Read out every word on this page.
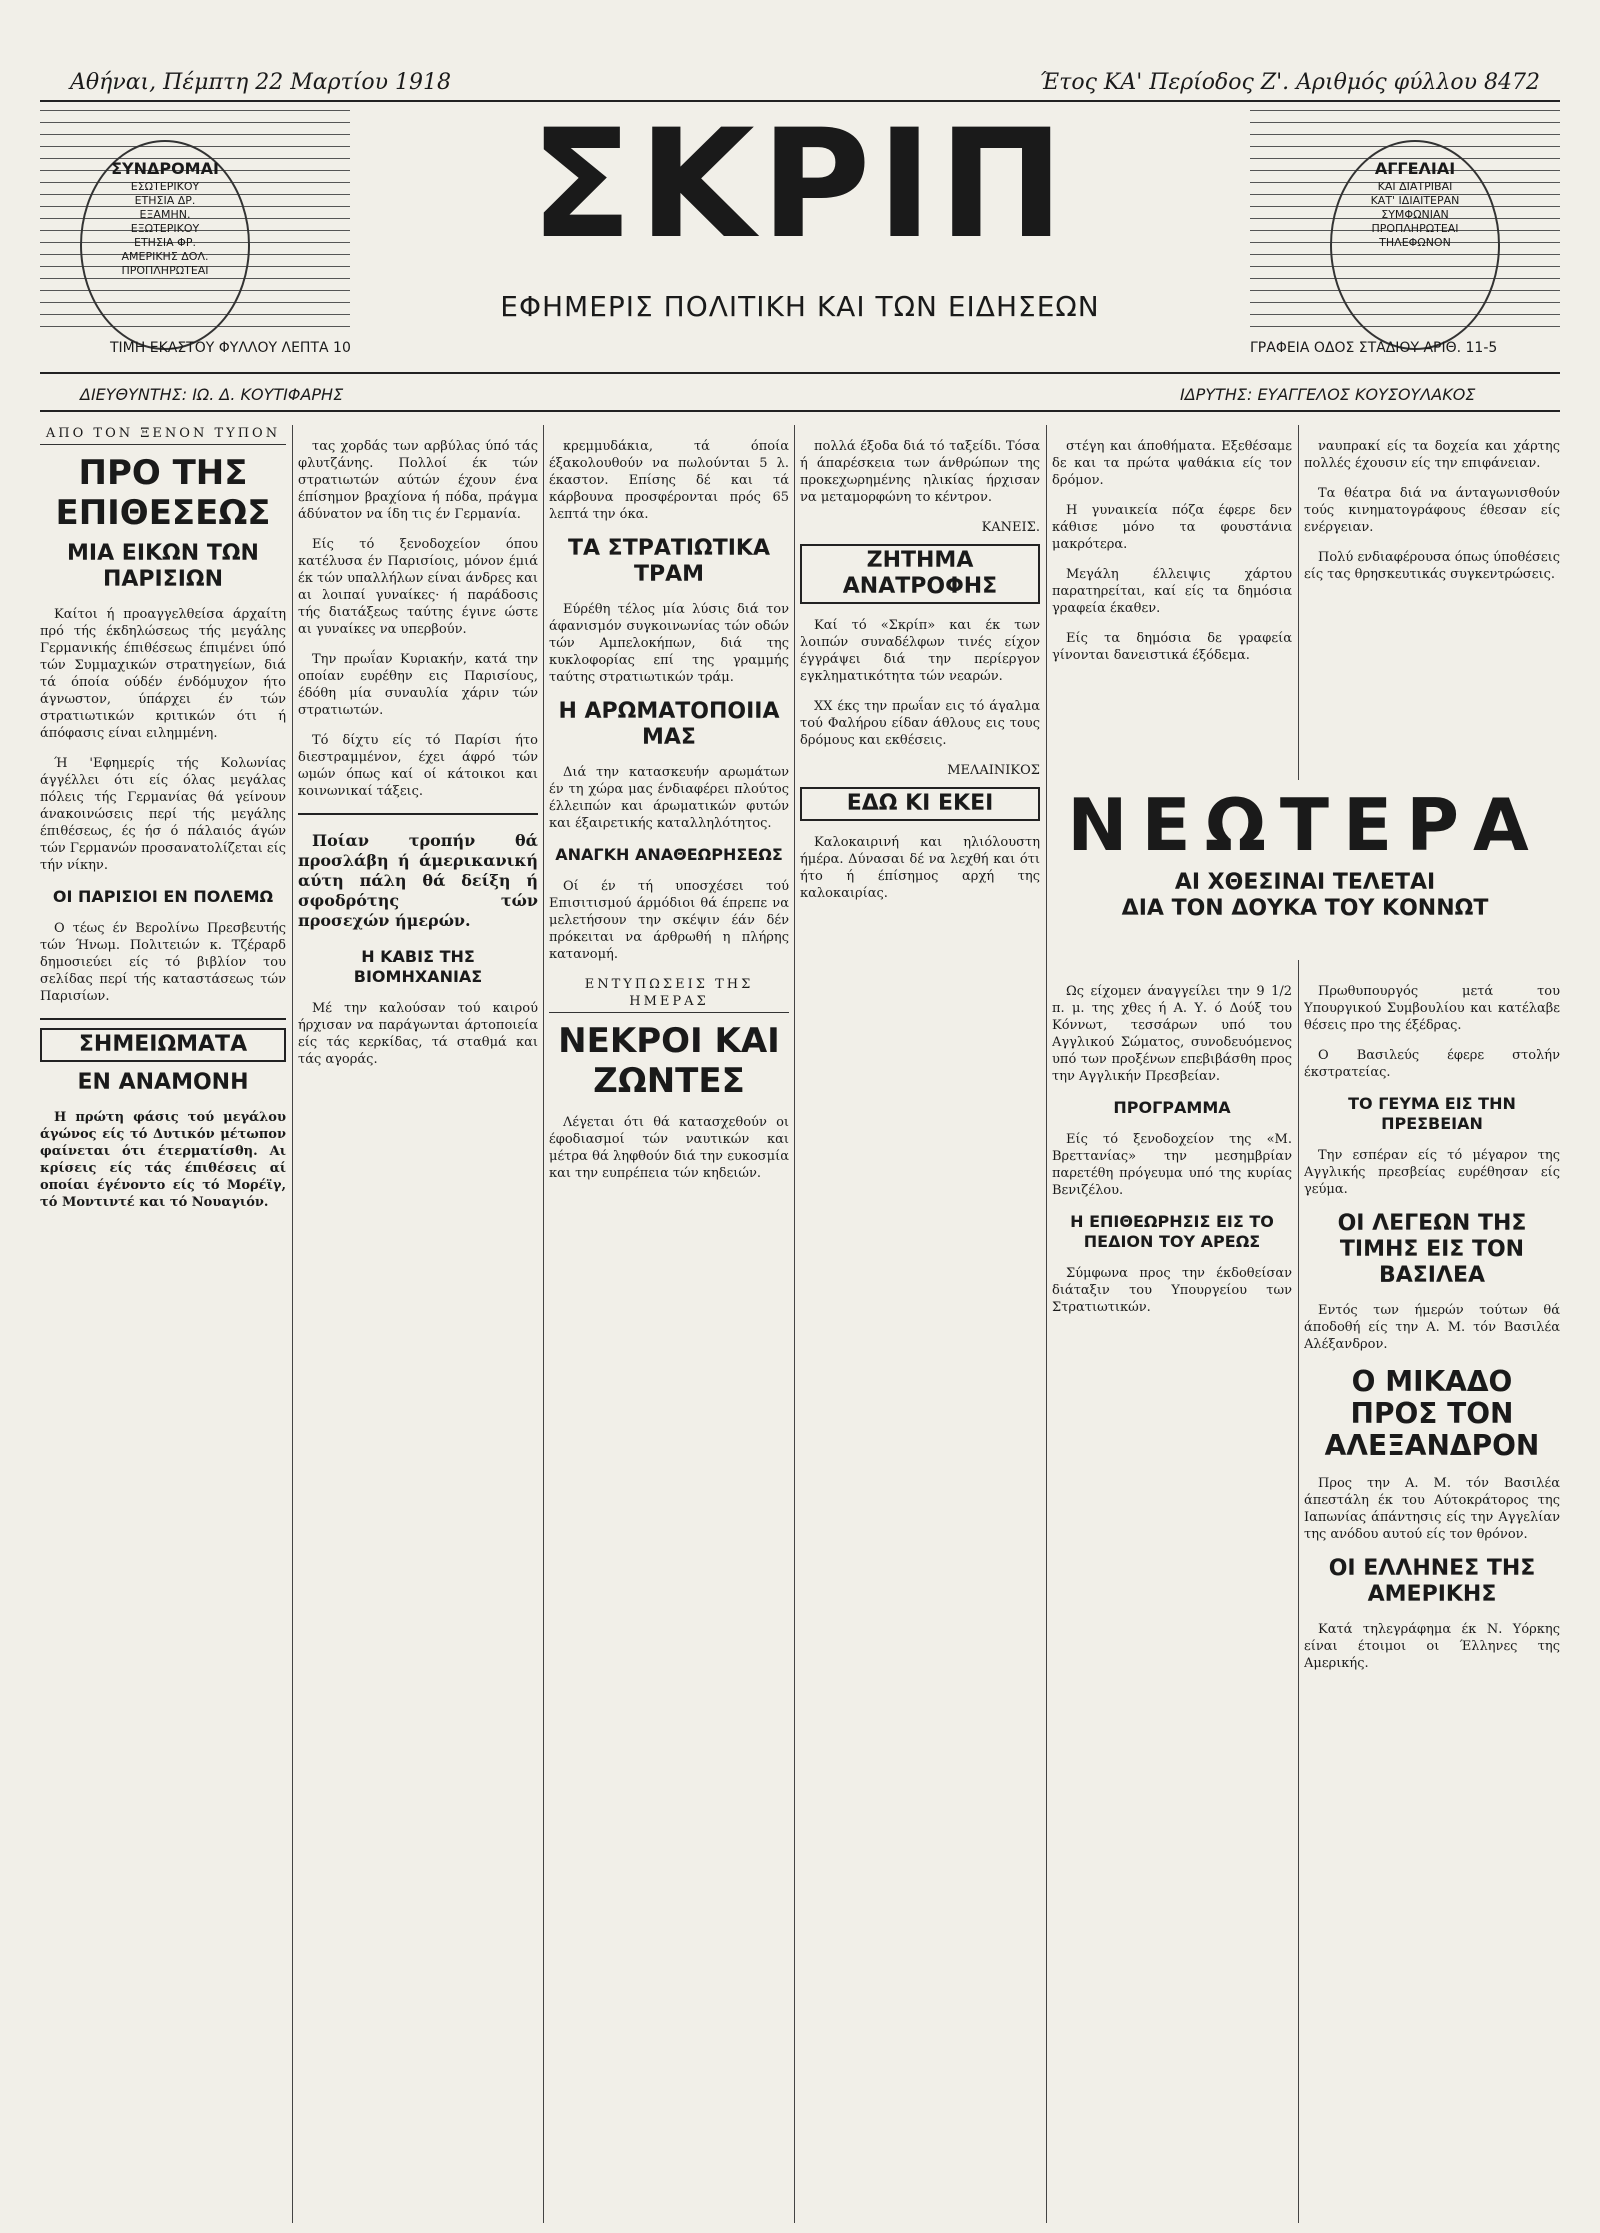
Αθήναι, Πέμπτη 22 Μαρτίου 1918	Έτος ΚΑ' Περίοδος Ζ'. Αριθμός φύλλου 8472
ΣΥΝΔΡΟΜΑΙ
ΕΣΩΤΕΡΙΚΟΥ
ΕΤΗΣΙΑ ΔΡ.
ΕΞΑΜΗΝ.
ΕΞΩΤΕΡΙΚΟΥ
ΕΤΗΣΙΑ ΦΡ.
ΑΜΕΡΙΚΗΣ ΔΟΛ.
ΠΡΟΠΛΗΡΩΤΕΑΙ
ΑΓΓΕΛΙΑΙ
ΚΑΙ ΔΙΑΤΡΙΒΑΙ
ΚΑΤ' ΙΔΙΑΙΤΕΡΑΝ
ΣΥΜΦΩΝΙΑΝ
ΠΡΟΠΛΗΡΩΤΕΑΙ
ΤΗΛΕΦΩΝΟΝ
ΣΚΡΙΠ
ΕΦΗΜΕΡΙΣ ΠΟΛΙΤΙΚΗ ΚΑΙ ΤΩΝ ΕΙΔΗΣΕΩΝ
ΤΙΜΗ ΕΚΑΣΤΟΥ ΦΥΛΛΟΥ ΛΕΠΤΑ 10	ΓΡΑΦΕΙΑ ΟΔΟΣ ΣΤΑΔΙΟΥ ΑΡΙΘ. 11-5
ΔΙΕΥΘΥΝΤΗΣ: ΙΩ. Δ. ΚΟΥΤΙΦΑΡΗΣ	ΙΔΡΥΤΗΣ: ΕΥΑΓΓΕΛΟΣ ΚΟΥΣΟΥΛΑΚΟΣ
ΑΠΟ ΤΟΝ ΞΕΝΟΝ ΤΥΠΟΝ
ΠΡΟ ΤΗΣ ΕΠΙΘΕΣΕΩΣ
ΜΙΑ ΕΙΚΩΝ ΤΩΝ ΠΑΡΙΣΙΩΝ

Καίτοι ή προαγγελθείσα άρχαίτη πρό τής έκδηλώσεως τής μεγάλης Γερμανικής έπιθέσεως έπιμένει ύπό τών Συμμαχικών στρατηγείων, διά τά όποία ούδέν ένδόμυχον ήτο άγνωστον, ύπάρχει έν τών στρατιωτικών κριτικών ότι ή άπόφασις είναι ειλημμένη.

Ή 'Εφημερίς τής Κολωνίας άγγέλλει ότι είς όλας μεγάλας πόλεις τής Γερμανίας θά γείνουν άνακοινώσεις περί τής μεγάλης έπιθέσεως, ές ήσ ό πάλαιός άγών τών Γερμανών προσανατολίζεται είς τήν νίκην.

ΟΙ ΠΑΡΙΣΙΟΙ ΕΝ ΠΟΛΕΜΩ

Ο τέως έν Βερολίνω Πρεσβευτής τών Ήνωμ. Πολιτειών κ. Τζέραρδ δημοσιεύει είς τό βιβλίον του σελίδας περί τής καταστάσεως τών Παρισίων.

ΣΗΜΕΙΩΜΑΤΑ
ΕΝ ΑΝΑΜΟΝΗ

Η πρώτη φάσις τού μεγάλου άγώνος είς τό Δυτικόν μέτωπον φαίνεται ότι έτερματίσθη. Αι κρίσεις είς τάς έπιθέσεις αί οποίαι έγένοντο είς τό Μορέϊγ, τό Μοντιντέ και τό Νουαγιόν.

τας χορδάς των αρβύλας ύπό τάς φλυτζάνης. Πολλοί έκ τών στρατιωτών αύτών έχουν ένα έπίσημον βραχίονα ή πόδα, πράγμα άδύνατον να ίδη τις έν Γερμανία.

Είς τό ξενοδοχείον όπου κατέλυσα έν Παρισίοις, μόνον έμιά έκ τών υπαλλήλων είναι άνδρες και αι λοιπαί γυναίκες· ή παράδοσις τής διατάξεως ταύτης έγινε ώστε αι γυναίκες να υπερβούν.

Την πρωΐαν Κυριακήν, κατά την οποίαν ευρέθην εις Παρισίους, έδόθη μία συναυλία χάριν τών στρατιωτών.

Τό δίχτυ είς τό Παρίσι ήτο διεστραμμένον, έχει άφρό τών ωμών όπως καί οί κάτοικοι και κοινωνικαί τάξεις.

Ποίαν τροπήν θά προσλάβη ή άμερικανική αύτη πάλη θά δείξη ή σφοδρότης τών προσεχών ήμερών.

Η ΚΑΒΙΣ ΤΗΣ ΒΙΟΜΗΧΑΝΙΑΣ

Μέ την καλούσαν τού καιρού ήρχισαν να παράγωνται άρτοποιεία είς τάς κερκίδας, τά σταθμά και τάς αγοράς.

κρεμμυδάκια, τά όποία έξακολουθούν να πωλούνται 5 λ. έκαστον. Επίσης δέ και τά κάρβουνα προσφέρονται πρός 65 λεπτά την όκα.

ΤΑ ΣΤΡΑΤΙΩΤΙΚΑ ΤΡΑΜ

Εύρέθη τέλος μία λύσις διά τον άφανισμόν συγκοινωνίας τών οδών τών Αμπελοκήπων, διά της κυκλοφορίας επί της γραμμής ταύτης στρατιωτικών τράμ.

Η ΑΡΩΜΑΤΟΠΟΙΙΑ ΜΑΣ

Διά την κατασκευήν αρωμάτων έν τη χώρα μας ένδιαφέρει πλούτος έλλειπών και άρωματικών φυτών και έξαιρετικής καταλληλότητος.

ΑΝΑΓΚΗ ΑΝΑΘΕΩΡΗΣΕΩΣ

Οί έν τή υποσχέσει τού Επισιτισμού άρμόδιοι θά έπρεπε να μελετήσουν την σκέψιν έάν δέν πρόκειται να άρθρωθή η πλήρης κατανομή.

ΕΝΤΥΠΩΣΕΙΣ ΤΗΣ ΗΜΕΡΑΣ
ΝΕΚΡΟΙ ΚΑΙ ΖΩΝΤΕΣ

Λέγεται ότι θά κατασχεθούν οι έφοδιασμοί τών ναυτικών και μέτρα θά ληφθούν διά την ευκοσμία και την ευπρέπεια τών κηδειών.

πολλά έξοδα διά τό ταξείδι. Τόσα ή άπαρέσκεια των άνθρώπων της προκεχωρημένης ηλικίας ήρχισαν να μεταμορφώνη το κέντρον.

ΚΑΝΕΙΣ.
ΖΗΤΗΜΑ ΑΝΑΤΡΟΦΗΣ

Καί τό «Σκρίπ» και έκ των λοιπών συναδέλφων τινές είχον έγγράψει διά την περίεργον εγκληματικότητα τών νεαρών.

ΧΧ έκς την πρωΐαν εις τό άγαλμα τού Φαλήρου είδαν άθλους εις τους δρόμους και εκθέσεις.

ΜΕΛΑΙΝΙΚΟΣ
ΕΔΩ ΚΙ ΕΚΕΙ

Καλοκαιρινή και ηλιόλουστη ήμέρα. Δύνασαι δέ να λεχθή και ότι ήτο ή έπίσημος αρχή της καλοκαιρίας.

στέγη και άποθήματα. Εξεθέσαμε δε και τα πρώτα ψαθάκια είς τον δρόμον.

Η γυναικεία πόζα έφερε δεν κάθισε μόνο τα φουστάνια μακρότερα.

Μεγάλη έλλειψις χάρτου παρατηρείται, καί είς τα δημόσια γραφεία έκαθεν.

Είς τα δημόσια δε γραφεία γίνονται δανειστικά έξόδεμα.

ναυπρακί είς τα δοχεία και χάρτης πολλές έχουσιν είς την επιφάνειαν.

Τα θέατρα διά να άνταγωνισθούν τούς κινηματογράφους έθεσαν είς ενέργειαν.

Πολύ ενδιαφέρουσα όπως ύποθέσεις είς τας θρησκευτικάς συγκεντρώσεις.

ΝΕΩΤΕΡΑ
ΑΙ ΧΘΕΣΙΝΑΙ ΤΕΛΕΤΑΙ
ΔΙΑ ΤΟΝ ΔΟΥΚΑ ΤΟΥ ΚΟΝΝΩΤ

Ως είχομεν άναγγείλει την 9 1/2 π. μ. της χθες ή Α. Υ. ό Δούξ του Κόννωτ, τεσσάρων υπό του Αγγλικού Σώματος, συνοδευόμενος υπό των προξένων επεβιβάσθη προς την Αγγλικήν Πρεσβείαν.

ΠΡΟΓΡΑΜΜΑ

Είς τό ξενοδοχείον της «Μ. Βρεττανίας» την μεσημβρίαν παρετέθη πρόγευμα υπό της κυρίας Βενιζέλου.

Η ΕΠΙΘΕΩΡΗΣΙΣ ΕΙΣ ΤΟ ΠΕΔΙΟΝ ΤΟΥ ΑΡΕΩΣ

Σύμφωνα προς την έκδοθείσαν διάταξιν του Υπουργείου των Στρατιωτικών.

Πρωθυπουργός μετά του Υπουργικού Συμβουλίου και κατέλαβε θέσεις προ της έξέδρας.

Ο Βασιλεύς έφερε στολήν έκστρατείας.

ΤΟ ΓΕΥΜΑ ΕΙΣ ΤΗΝ ΠΡΕΣΒΕΙΑΝ

Την εσπέραν είς τό μέγαρον της Αγγλικής πρεσβείας ευρέθησαν είς γεύμα.

ΟΙ ΛΕΓΕΩΝ ΤΗΣ ΤΙΜΗΣ ΕΙΣ ΤΟΝ ΒΑΣΙΛΕΑ

Εντός των ήμερών τούτων θά άποδοθή είς την Α. Μ. τόν Βασιλέα Αλέξανδρον.

Ο ΜΙΚΑΔΟ ΠΡΟΣ ΤΟΝ ΑΛΕΞΑΝΔΡΟΝ

Προς την Α. Μ. τόν Βασιλέα άπεστάλη έκ του Αύτοκράτορος της Ιαπωνίας άπάντησις είς την Αγγελίαν της ανόδου αυτού είς τον θρόνον.

ΟΙ ΕΛΛΗΝΕΣ ΤΗΣ ΑΜΕΡΙΚΗΣ

Κατά τηλεγράφημα έκ Ν. Υόρκης είναι έτοιμοι οι Έλληνες της Αμερικής.
